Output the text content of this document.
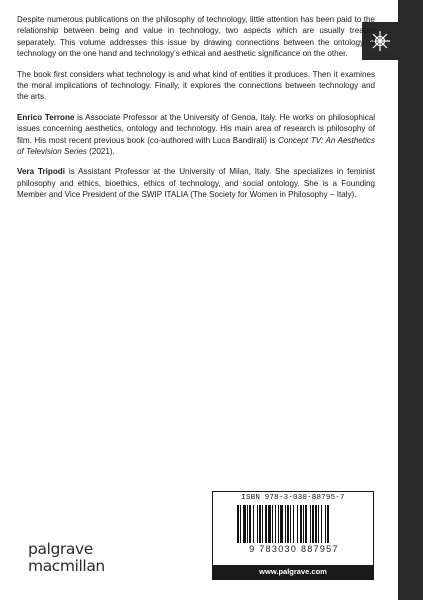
Despite numerous publications on the philosophy of technology, little attention has been paid to the relationship between being and value in technology, two aspects which are usually treated separately. This volume addresses this issue by drawing connections between the ontology of technology on the one hand and technology’s ethical and aesthetic significance on the other.

The book first considers what technology is and what kind of entities it produces. Then it examines the moral implications of technology. Finally, it explores the connections between technology and the arts.

Enrico Terrone is Associate Professor at the University of Genoa, Italy. He works on philosophical issues concerning aesthetics, ontology and technology. His main area of research is philosophy of film. His most recent previous book (co-authored with Luca Bandirali) is Concept TV: An Aesthetics of Television Series (2021).

Vera Tripodi is Assistant Professor at the University of Milan, Italy. She specializes in feminist philosophy and ethics, bioethics, ethics of technology, and social ontology. She is a Founding Member and Vice President of the SWIP ITALIA (The Society for Women in Philosophy – Italy).

ISBN 978-3-030-88795-7
9 783030 887957
www.palgrave.com
palgrave
macmillan
